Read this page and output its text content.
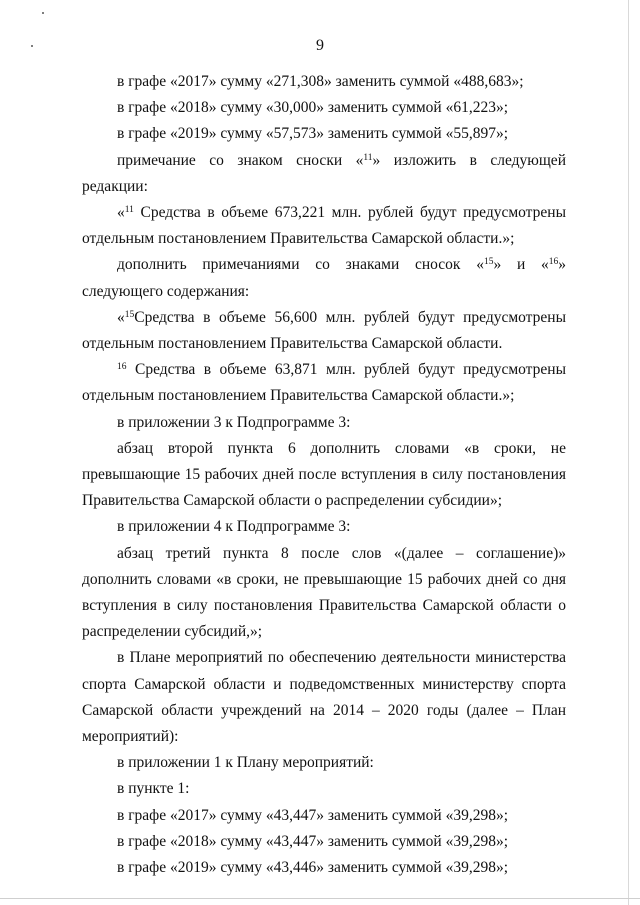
9

в графе «2017» сумму «271,308» заменить суммой «488,683»;

в графе «2018» сумму «30,000» заменить суммой «61,223»;

в графе «2019» сумму «57,573» заменить суммой «55,897»;

примечание со знаком сноски «$^{11}$» изложить в следующей редакции:

«$^{11}$ Средства в объеме 673,221 млн. рублей будут предусмотрены отдельным постановлением Правительства Самарской области.»;

дополнить примечаниями со знаками сносок «$^{15}$» и «$^{16}$» следующего содержания:

«$^{15}$Средства в объеме 56,600 млн. рублей будут предусмотрены отдельным постановлением Правительства Самарской области.

$^{16}$ Средства в объеме 63,871 млн. рублей будут предусмотрены отдельным постановлением Правительства Самарской области.»;

в приложении 3 к Подпрограмме 3:

абзац второй пункта 6 дополнить словами «в сроки, не превышающие 15 рабочих дней после вступления в силу постановления Правительства Самарской области о распределении субсидии»;

в приложении 4 к Подпрограмме 3:

абзац третий пункта 8 после слов «(далее – соглашение)» дополнить словами «в сроки, не превышающие 15 рабочих дней со дня вступления в силу постановления Правительства Самарской области о распределении субсидий,»;

в Плане мероприятий по обеспечению деятельности министерства спорта Самарской области и подведомственных министерству спорта Самарской области учреждений на 2014 – 2020 годы (далее – План мероприятий):

в приложении 1 к Плану мероприятий:

в пункте 1:

в графе «2017» сумму «43,447» заменить суммой «39,298»;

в графе «2018» сумму «43,447» заменить суммой «39,298»;

в графе «2019» сумму «43,446» заменить суммой «39,298»;
